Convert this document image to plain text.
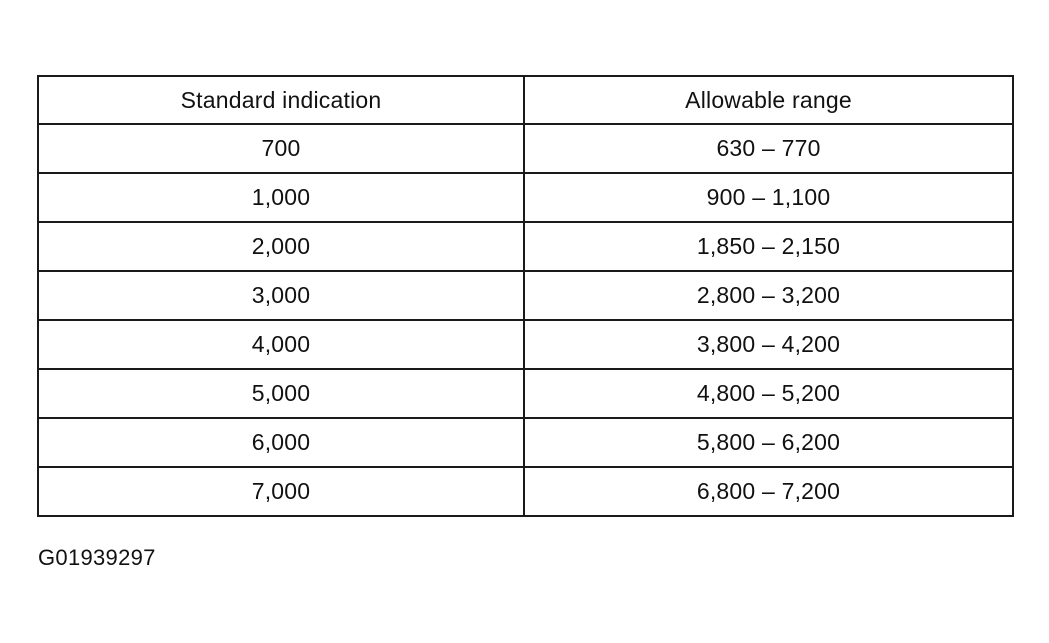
Standard indication	Allowable range
700	630 – 770
1,000	900 – 1,100
2,000	1,850 – 2,150
3,000	2,800 – 3,200
4,000	3,800 – 4,200
5,000	4,800 – 5,200
6,000	5,800 – 6,200
7,000	6,800 – 7,200
G01939297
